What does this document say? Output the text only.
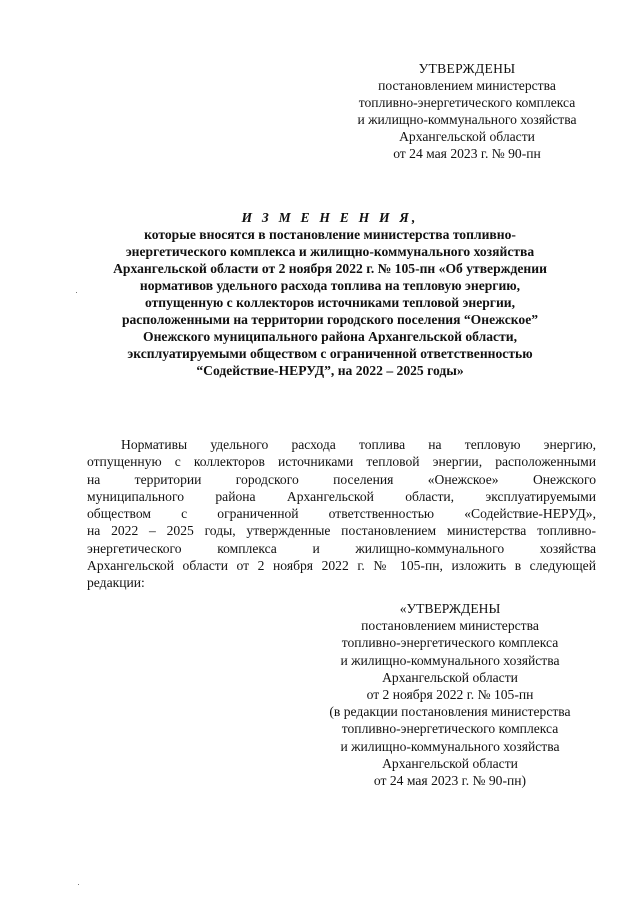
УТВЕРЖДЕНЫ
постановлением министерства
топливно-энергетического комплекса
и жилищно-коммунального хозяйства
Архангельской области
от 24 мая 2023 г. № 90-пн
И З М Е Н Е Н И Я,
которые вносятся в постановление министерства топливно-
энергетического комплекса и жилищно-коммунального хозяйства
Архангельской области от 2 ноября 2022 г. № 105-пн «Об утверждении
нормативов удельного расхода топлива на тепловую энергию,
отпущенную с коллекторов источниками тепловой энергии,
расположенными на территории городского поселения “Онежское”
Онежского муниципального района Архангельской области,
эксплуатируемыми обществом с ограниченной ответственностью
“Содействие-НЕРУД”, на 2022 – 2025 годы»
Нормативы удельного расхода топлива на тепловую энергию,
отпущенную с коллекторов источниками тепловой энергии, расположенными
на территории городского поселения «Онежское» Онежского
муниципального района Архангельской области, эксплуатируемыми
обществом с ограниченной ответственностью «Содействие-НЕРУД»,
на 2022 – 2025 годы, утвержденные постановлением министерства топливно-
энергетического комплекса и жилищно-коммунального хозяйства
Архангельской области от 2 ноября 2022 г. № 105-пн, изложить в следующей
редакции:
«УТВЕРЖДЕНЫ
постановлением министерства
топливно-энергетического комплекса
и жилищно-коммунального хозяйства
Архангельской области
от 2 ноября 2022 г. № 105-пн
(в редакции постановления министерства
топливно-энергетического комплекса
и жилищно-коммунального хозяйства
Архангельской области
от 24 мая 2023 г. № 90-пн)
